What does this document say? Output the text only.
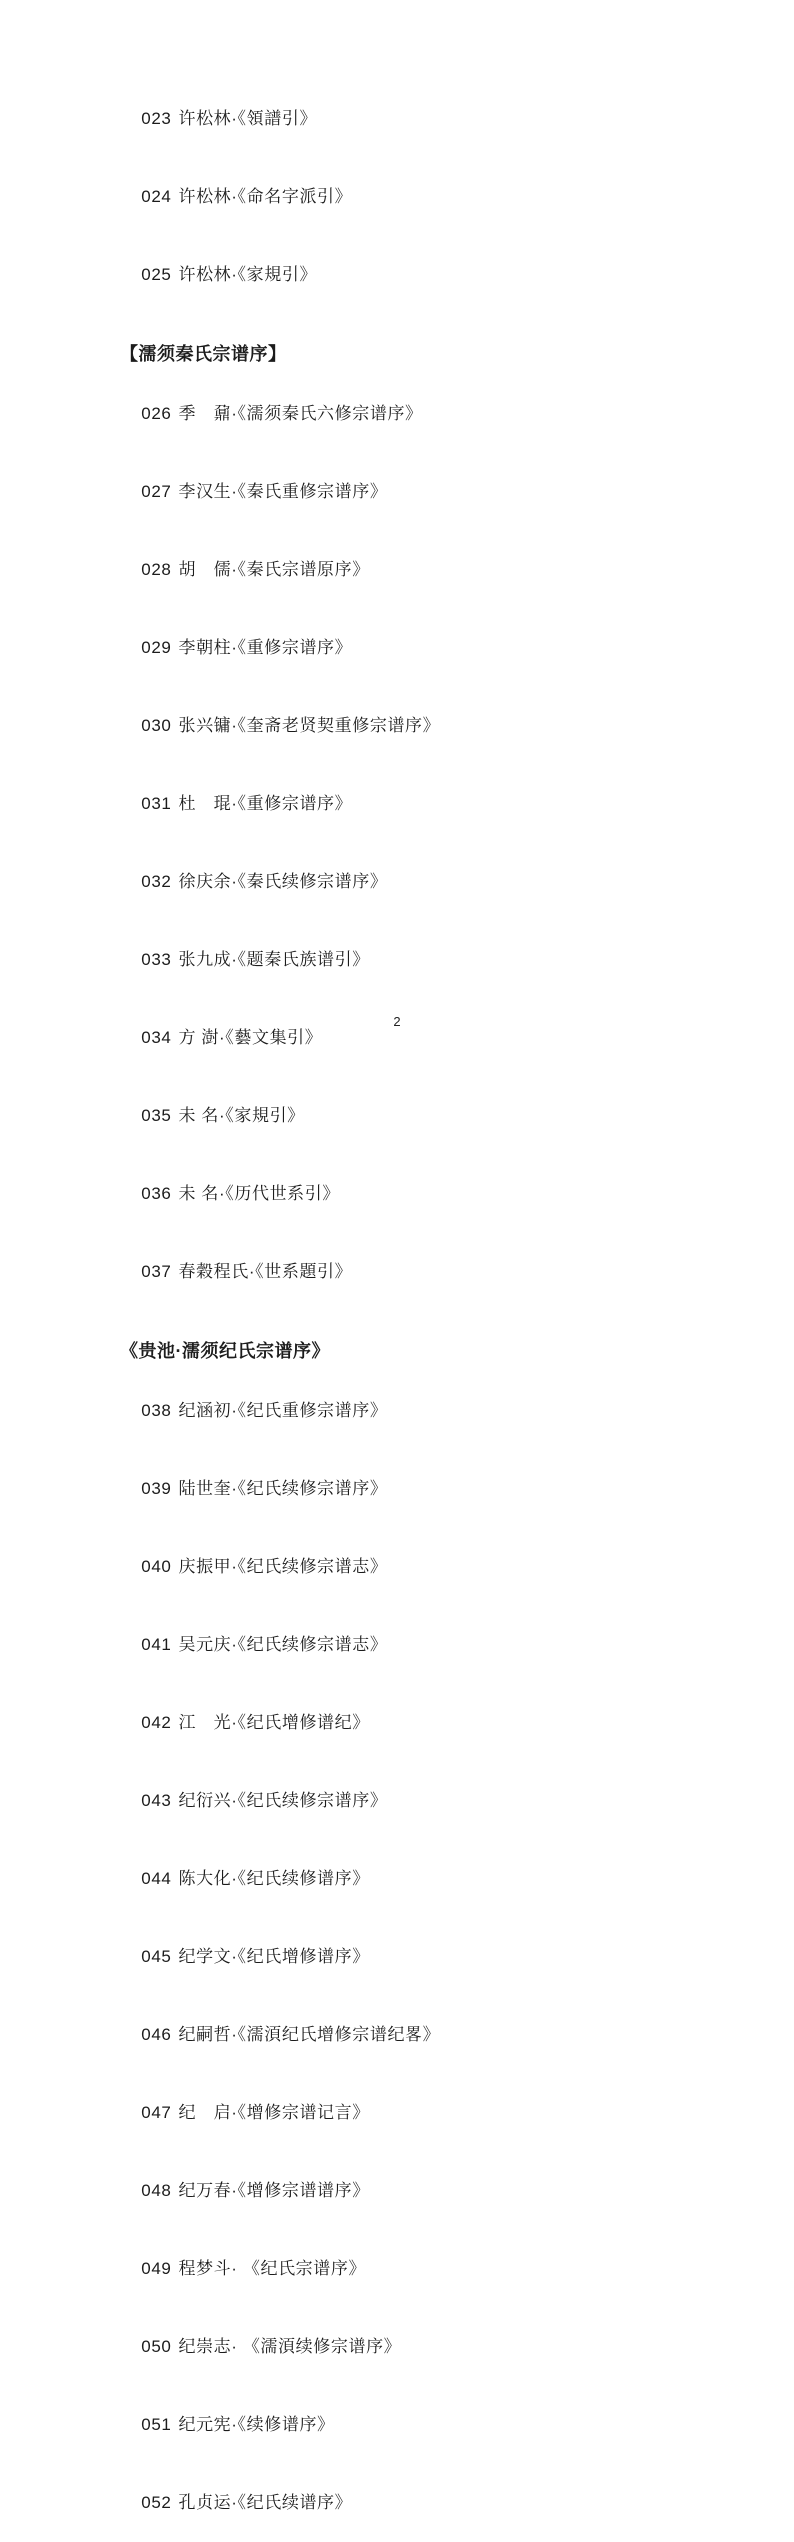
023 许松林·《領譜引》

024 许松林·《命名字派引》

025 许松林·《家規引》

【濡须秦氏宗谱序】

026 季　鼐·《濡须秦氏六修宗谱序》

027 李汉生·《秦氏重修宗谱序》

028 胡　儒·《秦氏宗谱原序》

029 李朝柱·《重修宗谱序》

030 张兴镛·《奎斋老贤契重修宗谱序》

031 杜　琨·《重修宗谱序》

032 徐庆余·《秦氏续修宗谱序》

033 张九成·《题秦氏族谱引》

034 方 澍·《藝文集引》

035 未 名·《家規引》

036 未 名·《历代世系引》

037 春穀程氏·《世系題引》

《贵池·濡须纪氏宗谱序》

038 纪涵初·《纪氏重修宗谱序》

039 陆世奎·《纪氏续修宗谱序》

040 庆振甲·《纪氏续修宗谱志》

041 吴元庆·《纪氏续修宗谱志》

042 江　光·《纪氏增修谱纪》

043 纪衍兴·《纪氏续修宗谱序》

044 陈大化·《纪氏续修谱序》

045 纪学文·《纪氏增修谱序》

046 纪嗣哲·《濡湏纪氏增修宗谱纪畧》

047 纪　启·《增修宗谱记言》

048 纪万春·《增修宗谱谱序》

049 程梦斗· 《纪氏宗谱序》

050 纪崇志· 《濡湏续修宗谱序》

051 纪元宪·《续修谱序》

052 孔贞运·《纪氏续谱序》

2
